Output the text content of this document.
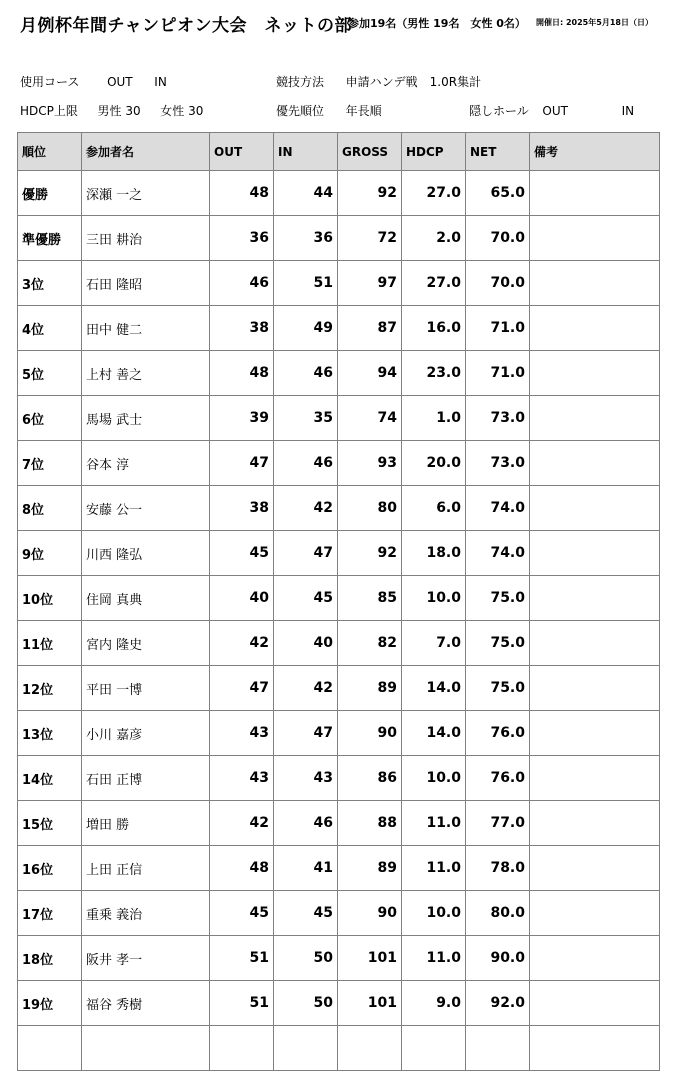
月例杯年間チャンピオン大会　ネットの部
参加19名（男性 19名　女性 0名） 開催日: 2025年5月18日（日）
使用コース OUT IN	競技方法 申請ハンデ戦　1.0R集計
HDCP上限 男性 30 女性 30	優先順位 年長順	隠しホール OUT	IN
順位	参加者名	OUT	IN	GROSS	HDCP	NET	備考
優勝	深瀬 一之	48	44	92	27.0	65.0	
準優勝	三田 耕治	36	36	72	2.0	70.0	
3位	石田 隆昭	46	51	97	27.0	70.0	
4位	田中 健二	38	49	87	16.0	71.0	
5位	上村 善之	48	46	94	23.0	71.0	
6位	馬場 武士	39	35	74	1.0	73.0	
7位	谷本 淳	47	46	93	20.0	73.0	
8位	安藤 公一	38	42	80	6.0	74.0	
9位	川西 隆弘	45	47	92	18.0	74.0	
10位	住岡 真典	40	45	85	10.0	75.0	
11位	宮内 隆史	42	40	82	7.0	75.0	
12位	平田 一博	47	42	89	14.0	75.0	
13位	小川 嘉彦	43	47	90	14.0	76.0	
14位	石田 正博	43	43	86	10.0	76.0	
15位	増田 勝	42	46	88	11.0	77.0	
16位	上田 正信	48	41	89	11.0	78.0	
17位	重乗 義治	45	45	90	10.0	80.0	
18位	阪井 孝一	51	50	101	11.0	90.0	
19位	福谷 秀樹	51	50	101	9.0	92.0	
